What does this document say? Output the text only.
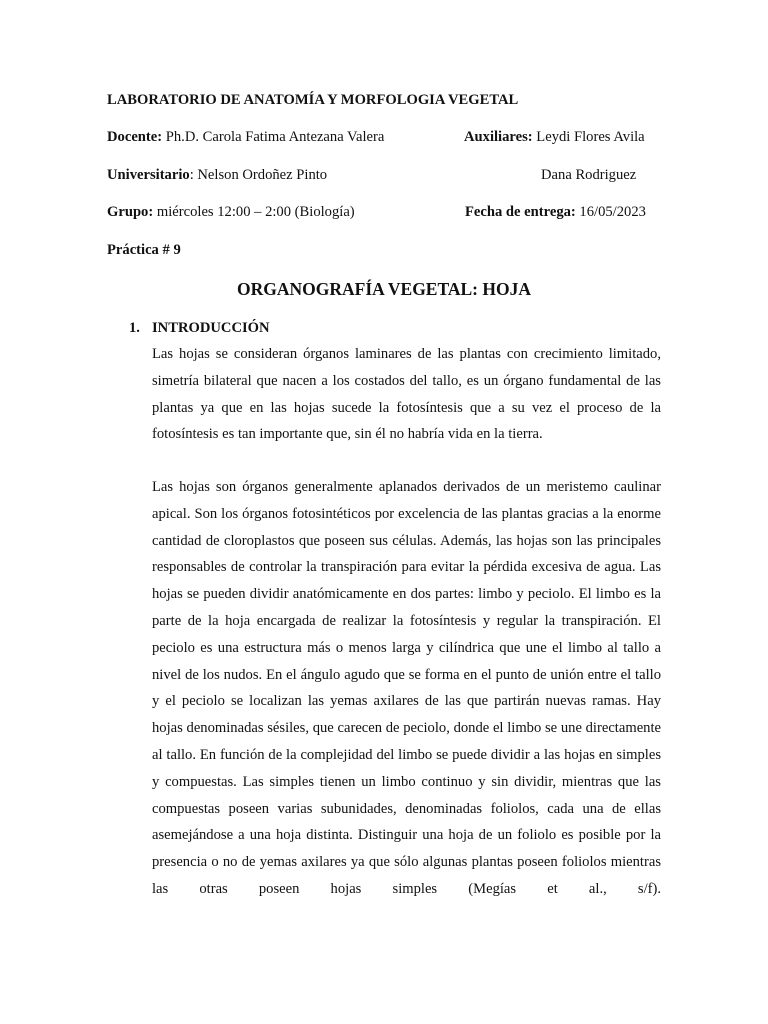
LABORATORIO DE ANATOMÍA Y MORFOLOGIA VEGETAL
Docente: Ph.D. Carola Fatima Antezana Valera	Auxiliares: Leydi Flores Avila
Universitario: Nelson Ordoñez Pinto	Dana Rodriguez
Grupo: miércoles 12:00 – 2:00 (Biología)	Fecha de entrega: 16/05/2023
Práctica # 9
ORGANOGRAFÍA VEGETAL: HOJA
1. INTRODUCCIÓN

Las hojas se consideran órganos laminares de las plantas con crecimiento limitado, simetría bilateral que nacen a los costados del tallo, es un órgano fundamental de las plantas ya que en las hojas sucede la fotosíntesis que a su vez el proceso de la fotosíntesis es tan importante que, sin él no habría vida en la tierra.

Las hojas son órganos generalmente aplanados derivados de un meristemo caulinar apical. Son los órganos fotosintéticos por excelencia de las plantas gracias a la enorme cantidad de cloroplastos que poseen sus células. Además, las hojas son las principales responsables de controlar la transpiración para evitar la pérdida excesiva de agua. Las hojas se pueden dividir anatómicamente en dos partes: limbo y peciolo. El limbo es la parte de la hoja encargada de realizar la fotosíntesis y regular la transpiración. El peciolo es una estructura más o menos larga y cilíndrica que une el limbo al tallo a nivel de los nudos. En el ángulo agudo que se forma en el punto de unión entre el tallo y el peciolo se localizan las yemas axilares de las que partirán nuevas ramas. Hay hojas denominadas sésiles, que carecen de peciolo, donde el limbo se une directamente al tallo. En función de la complejidad del limbo se puede dividir a las hojas en simples y compuestas. Las simples tienen un limbo continuo y sin dividir, mientras que las compuestas poseen varias subunidades, denominadas foliolos, cada una de ellas asemejándose a una hoja distinta. Distinguir una hoja de un foliolo es posible por la presencia o no de yemas axilares ya que sólo algunas plantas poseen foliolos mientras las otras poseen hojas simples (Megías et al., s/f).
